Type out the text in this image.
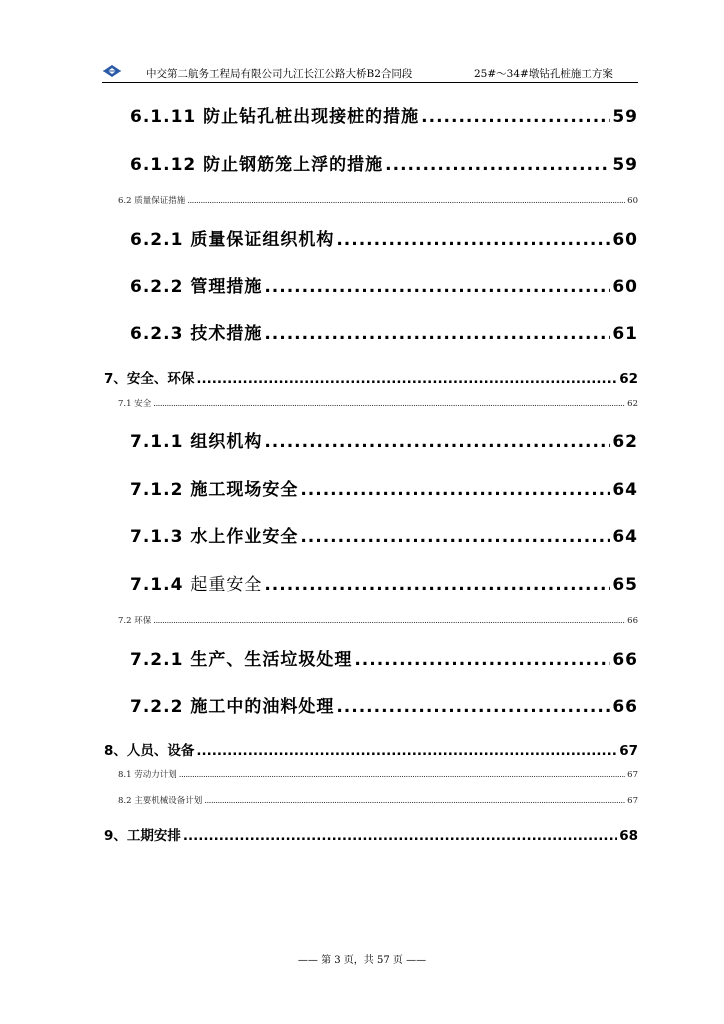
中交第二航务工程局有限公司九江长江公路大桥B2合同段	25#～34#墩钻孔桩施工方案
6.1.11 防止钻孔桩出现接桩的措施 .....	59
6.1.12 防止钢筋笼上浮的措施 .....	59
6.2 质量保证措施 .....	60
6.2.1 质量保证组织机构 .....	60
6.2.2 管理措施 .....	60
6.2.3 技术措施 .....	61
7、安全、环保 .....	62
7.1 安全 .....	62
7.1.1 组织机构 .....	62
7.1.2 施工现场安全 .....	64
7.1.3 水上作业安全 .....	64
7.1.4 起重安全 .....	65
7.2 环保 .....	66
7.2.1 生产、生活垃圾处理 .....	66
7.2.2 施工中的油料处理 .....	66
8、人员、设备 .....	67
8.1 劳动力计划 .....	67
8.2 主要机械设备计划 .....	67
9、工期安排 .....	68
—— 第 3 页，共 57 页 ——
